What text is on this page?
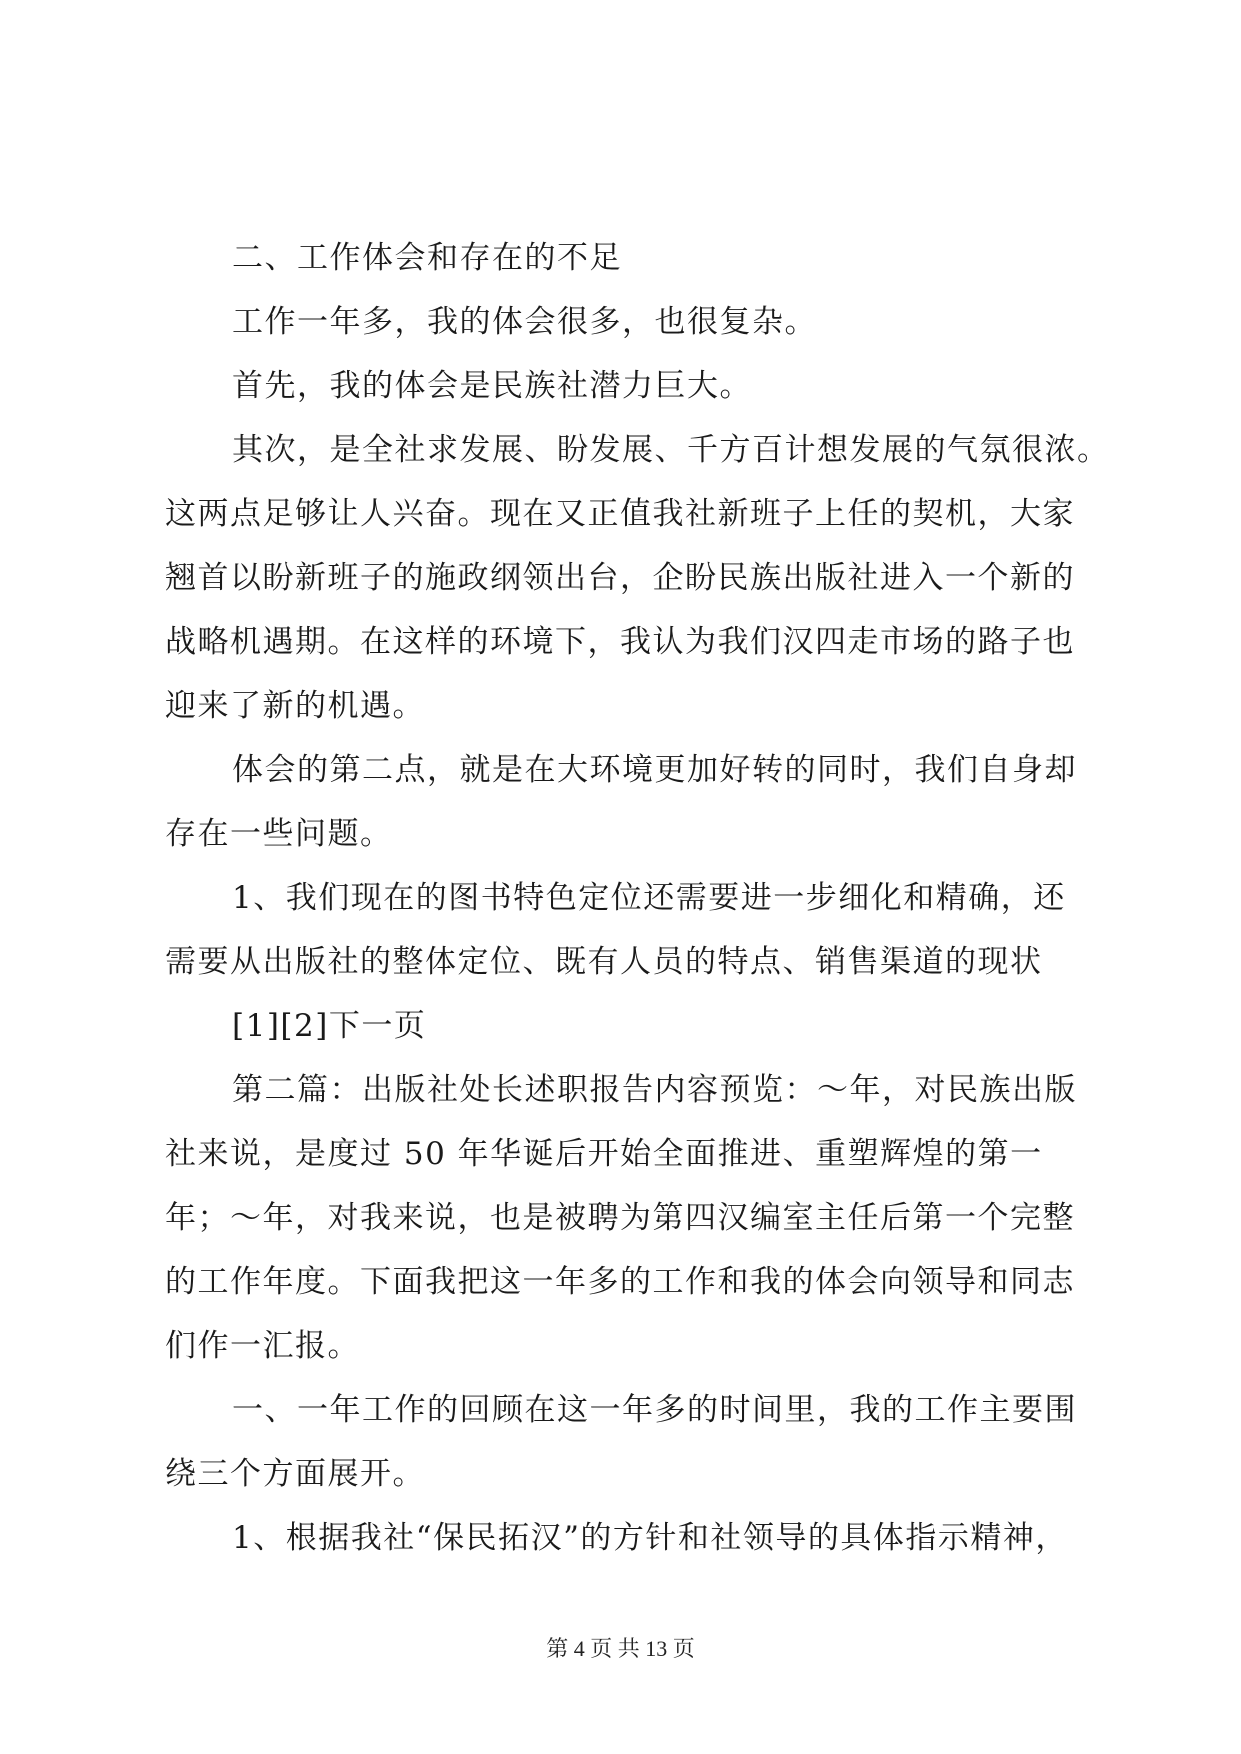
二、工作体会和存在的不足
工作一年多，我的体会很多，也很复杂。
首先，我的体会是民族社潜力巨大。
其次，是全社求发展、盼发展、千方百计想发展的气氛很浓。
这两点足够让人兴奋。现在又正值我社新班子上任的契机，大家
翘首以盼新班子的施政纲领出台，企盼民族出版社进入一个新的
战略机遇期。在这样的环境下，我认为我们汉四走市场的路子也
迎来了新的机遇。
体会的第二点，就是在大环境更加好转的同时，我们自身却
存在一些问题。
1、我们现在的图书特色定位还需要进一步细化和精确，还
需要从出版社的整体定位、既有人员的特点、销售渠道的现状
[1][2]下一页
第二篇：出版社处长述职报告内容预览：～年，对民族出版
社来说，是度过 50 年华诞后开始全面推进、重塑辉煌的第一
年；～年，对我来说，也是被聘为第四汉编室主任后第一个完整
的工作年度。下面我把这一年多的工作和我的体会向领导和同志
们作一汇报。
一、一年工作的回顾在这一年多的时间里，我的工作主要围
绕三个方面展开。
1、根据我社“保民拓汉”的方针和社领导的具体指示精神，
第 4 页 共 13 页
